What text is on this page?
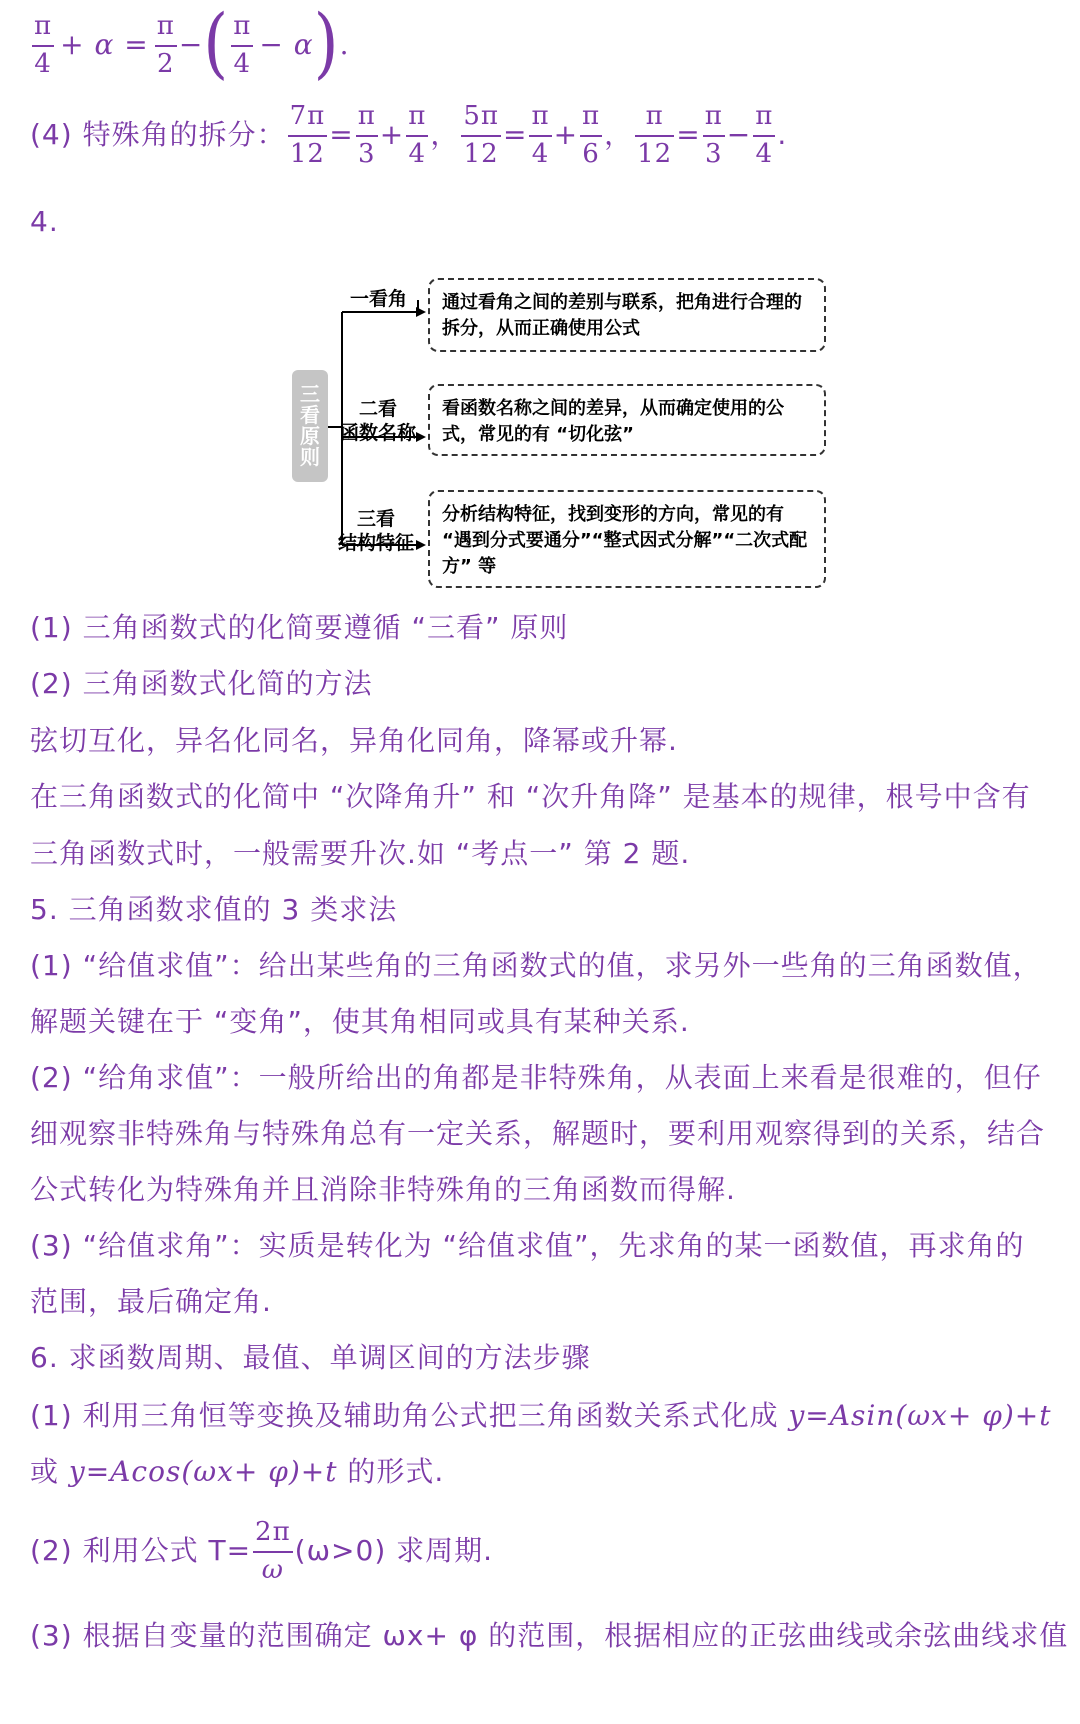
$\frac{\pi}{4} + \alpha = \frac{\pi}{2}$ − ( $\frac{\pi}{4} - \alpha$ ) .
(4) 特殊角的拆分： $\frac{7\pi}{12} = \frac{\pi}{3} + \frac{\pi}{4}$ ， $\frac{5\pi}{12} = \frac{\pi}{4} + \frac{\pi}{6}$ ， $\frac{\pi}{12} = \frac{\pi}{3} - \frac{\pi}{4}$ .
4.
三
看
原
则
一看角	通过看角之间的差别与联系，把角进行合理的拆分，从而正确使用公式
二看
函数名称
看函数名称之间的差异，从而确定使用的公式，常见的有 “切化弦”
三看
结构特征
分析结构特征，找到变形的方向，常见的有 “遇到分式要通分”“整式因式分解”“二次式配方” 等
(1) 三角函数式的化简要遵循 “三看” 原则
(2) 三角函数式化简的方法
弦切互化，异名化同名，异角化同角，降幂或升幂.
在三角函数式的化简中 “次降角升” 和 “次升角降” 是基本的规律，根号中含有
三角函数式时，一般需要升次.如 “考点一” 第 2 题.
5. 三角函数求值的 3 类求法
(1) “给值求值”：给出某些角的三角函数式的值，求另外一些角的三角函数值，
解题关键在于 “变角”，使其角相同或具有某种关系.
(2) “给角求值”：一般所给出的角都是非特殊角，从表面上来看是很难的，但仔
细观察非特殊角与特殊角总有一定关系，解题时，要利用观察得到的关系，结合
公式转化为特殊角并且消除非特殊角的三角函数而得解.
(3) “给值求角”：实质是转化为 “给值求值”，先求角的某一函数值，再求角的
范围，最后确定角.
6. 求函数周期、最值、单调区间的方法步骤
(1) 利用三角恒等变换及辅助角公式把三角函数关系式化成 y=Asin(ωx+ φ)+t
或 y=Acos(ωx+ φ)+t 的形式.
(2) 利用公式 $T= \frac{2\pi}{\omega} (\omega>0)$ 求周期.
(3) 根据自变量的范围确定 ωx+ φ 的范围，根据相应的正弦曲线或余弦曲线求值
